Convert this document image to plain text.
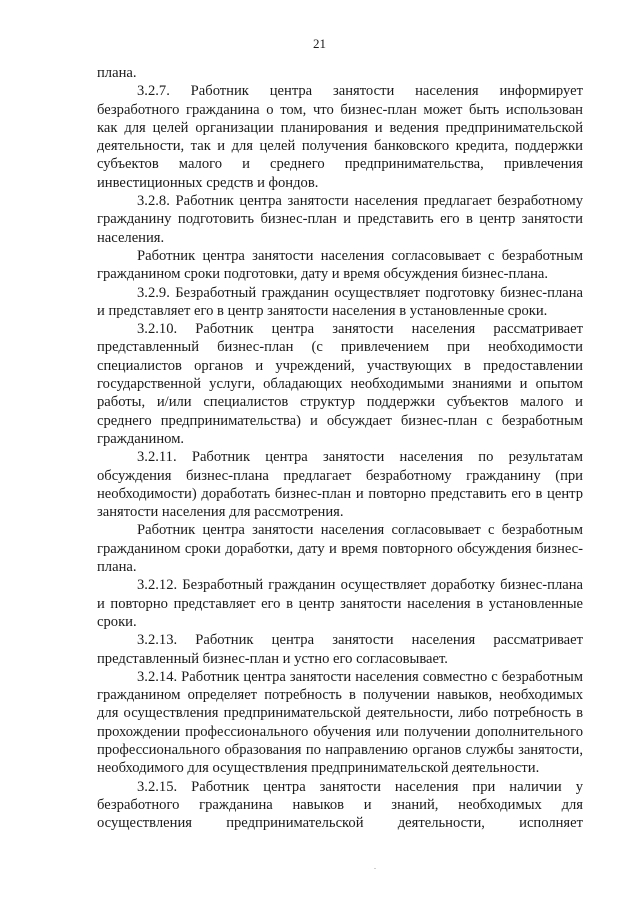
21

плана.

3.2.7. Работник центра занятости населения информирует безработного гражданина о том, что бизнес-план может быть использован как для целей организации планирования и ведения предпринимательской деятельности, так и для целей получения банковского кредита, поддержки субъектов малого и среднего предпринимательства, привлечения инвестиционных средств и фондов.

3.2.8. Работник центра занятости населения предлагает безработному гражданину подготовить бизнес-план и представить его в центр занятости населения.

Работник центра занятости населения согласовывает с безработным гражданином сроки подготовки, дату и время обсуждения бизнес-плана.

3.2.9. Безработный гражданин осуществляет подготовку бизнес-плана и представляет его в центр занятости населения в установленные сроки.

3.2.10. Работник центра занятости населения рассматривает представленный бизнес-план (с привлечением при необходимости специалистов органов и учреждений, участвующих в предоставлении государственной услуги, обладающих необходимыми знаниями и опытом работы, и/или специалистов структур поддержки субъектов малого и среднего предпринимательства) и обсуждает бизнес-план с безработным гражданином.

3.2.11. Работник центра занятости населения по результатам обсуждения бизнес-плана предлагает безработному гражданину (при необходимости) доработать бизнес-план и повторно представить его в центр занятости населения для рассмотрения.

Работник центра занятости населения согласовывает с безработным гражданином сроки доработки, дату и время повторного обсуждения бизнес-плана.

3.2.12. Безработный гражданин осуществляет доработку бизнес-плана и повторно представляет его в центр занятости населения в установленные сроки.

3.2.13. Работник центра занятости населения рассматривает представленный бизнес-план и устно его согласовывает.

3.2.14. Работник центра занятости населения совместно с безработным гражданином определяет потребность в получении навыков, необходимых для осуществления предпринимательской деятельности, либо потребность в прохождении профессионального обучения или получении дополнительного профессионального образования по направлению органов службы занятости, необходимого для осуществления предпринимательской деятельности.

3.2.15. Работник центра занятости населения при наличии у безработного гражданина навыков и знаний, необходимых для осуществления предпринимательской деятельности, исполняет
